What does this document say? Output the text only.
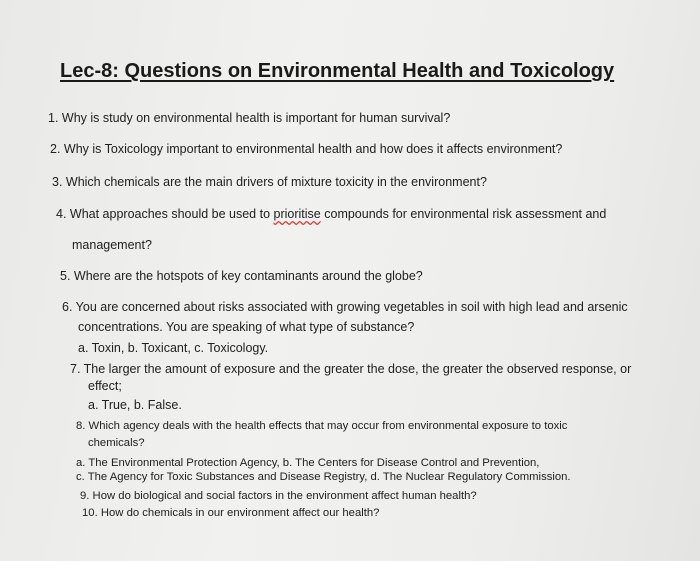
Lec-8: Questions on Environmental Health and Toxicology
1. Why is study on environmental health is important for human survival?
2. Why is Toxicology important to environmental health and how does it affects environment?
3. Which chemicals are the main drivers of mixture toxicity in the environment?
4. What approaches should be used to prioritise compounds for environmental risk assessment and
management?
5. Where are the hotspots of key contaminants around the globe?
6. You are concerned about risks associated with growing vegetables in soil with high lead and arsenic
concentrations. You are speaking of what type of substance?
a. Toxin, b. Toxicant, c. Toxicology.
7. The larger the amount of exposure and the greater the dose, the greater the observed response, or
effect;
a. True, b. False.
8. Which agency deals with the health effects that may occur from environmental exposure to toxic
chemicals?
a. The Environmental Protection Agency, b. The Centers for Disease Control and Prevention,
c. The Agency for Toxic Substances and Disease Registry, d. The Nuclear Regulatory Commission.
9. How do biological and social factors in the environment affect human health?
10. How do chemicals in our environment affect our health?
